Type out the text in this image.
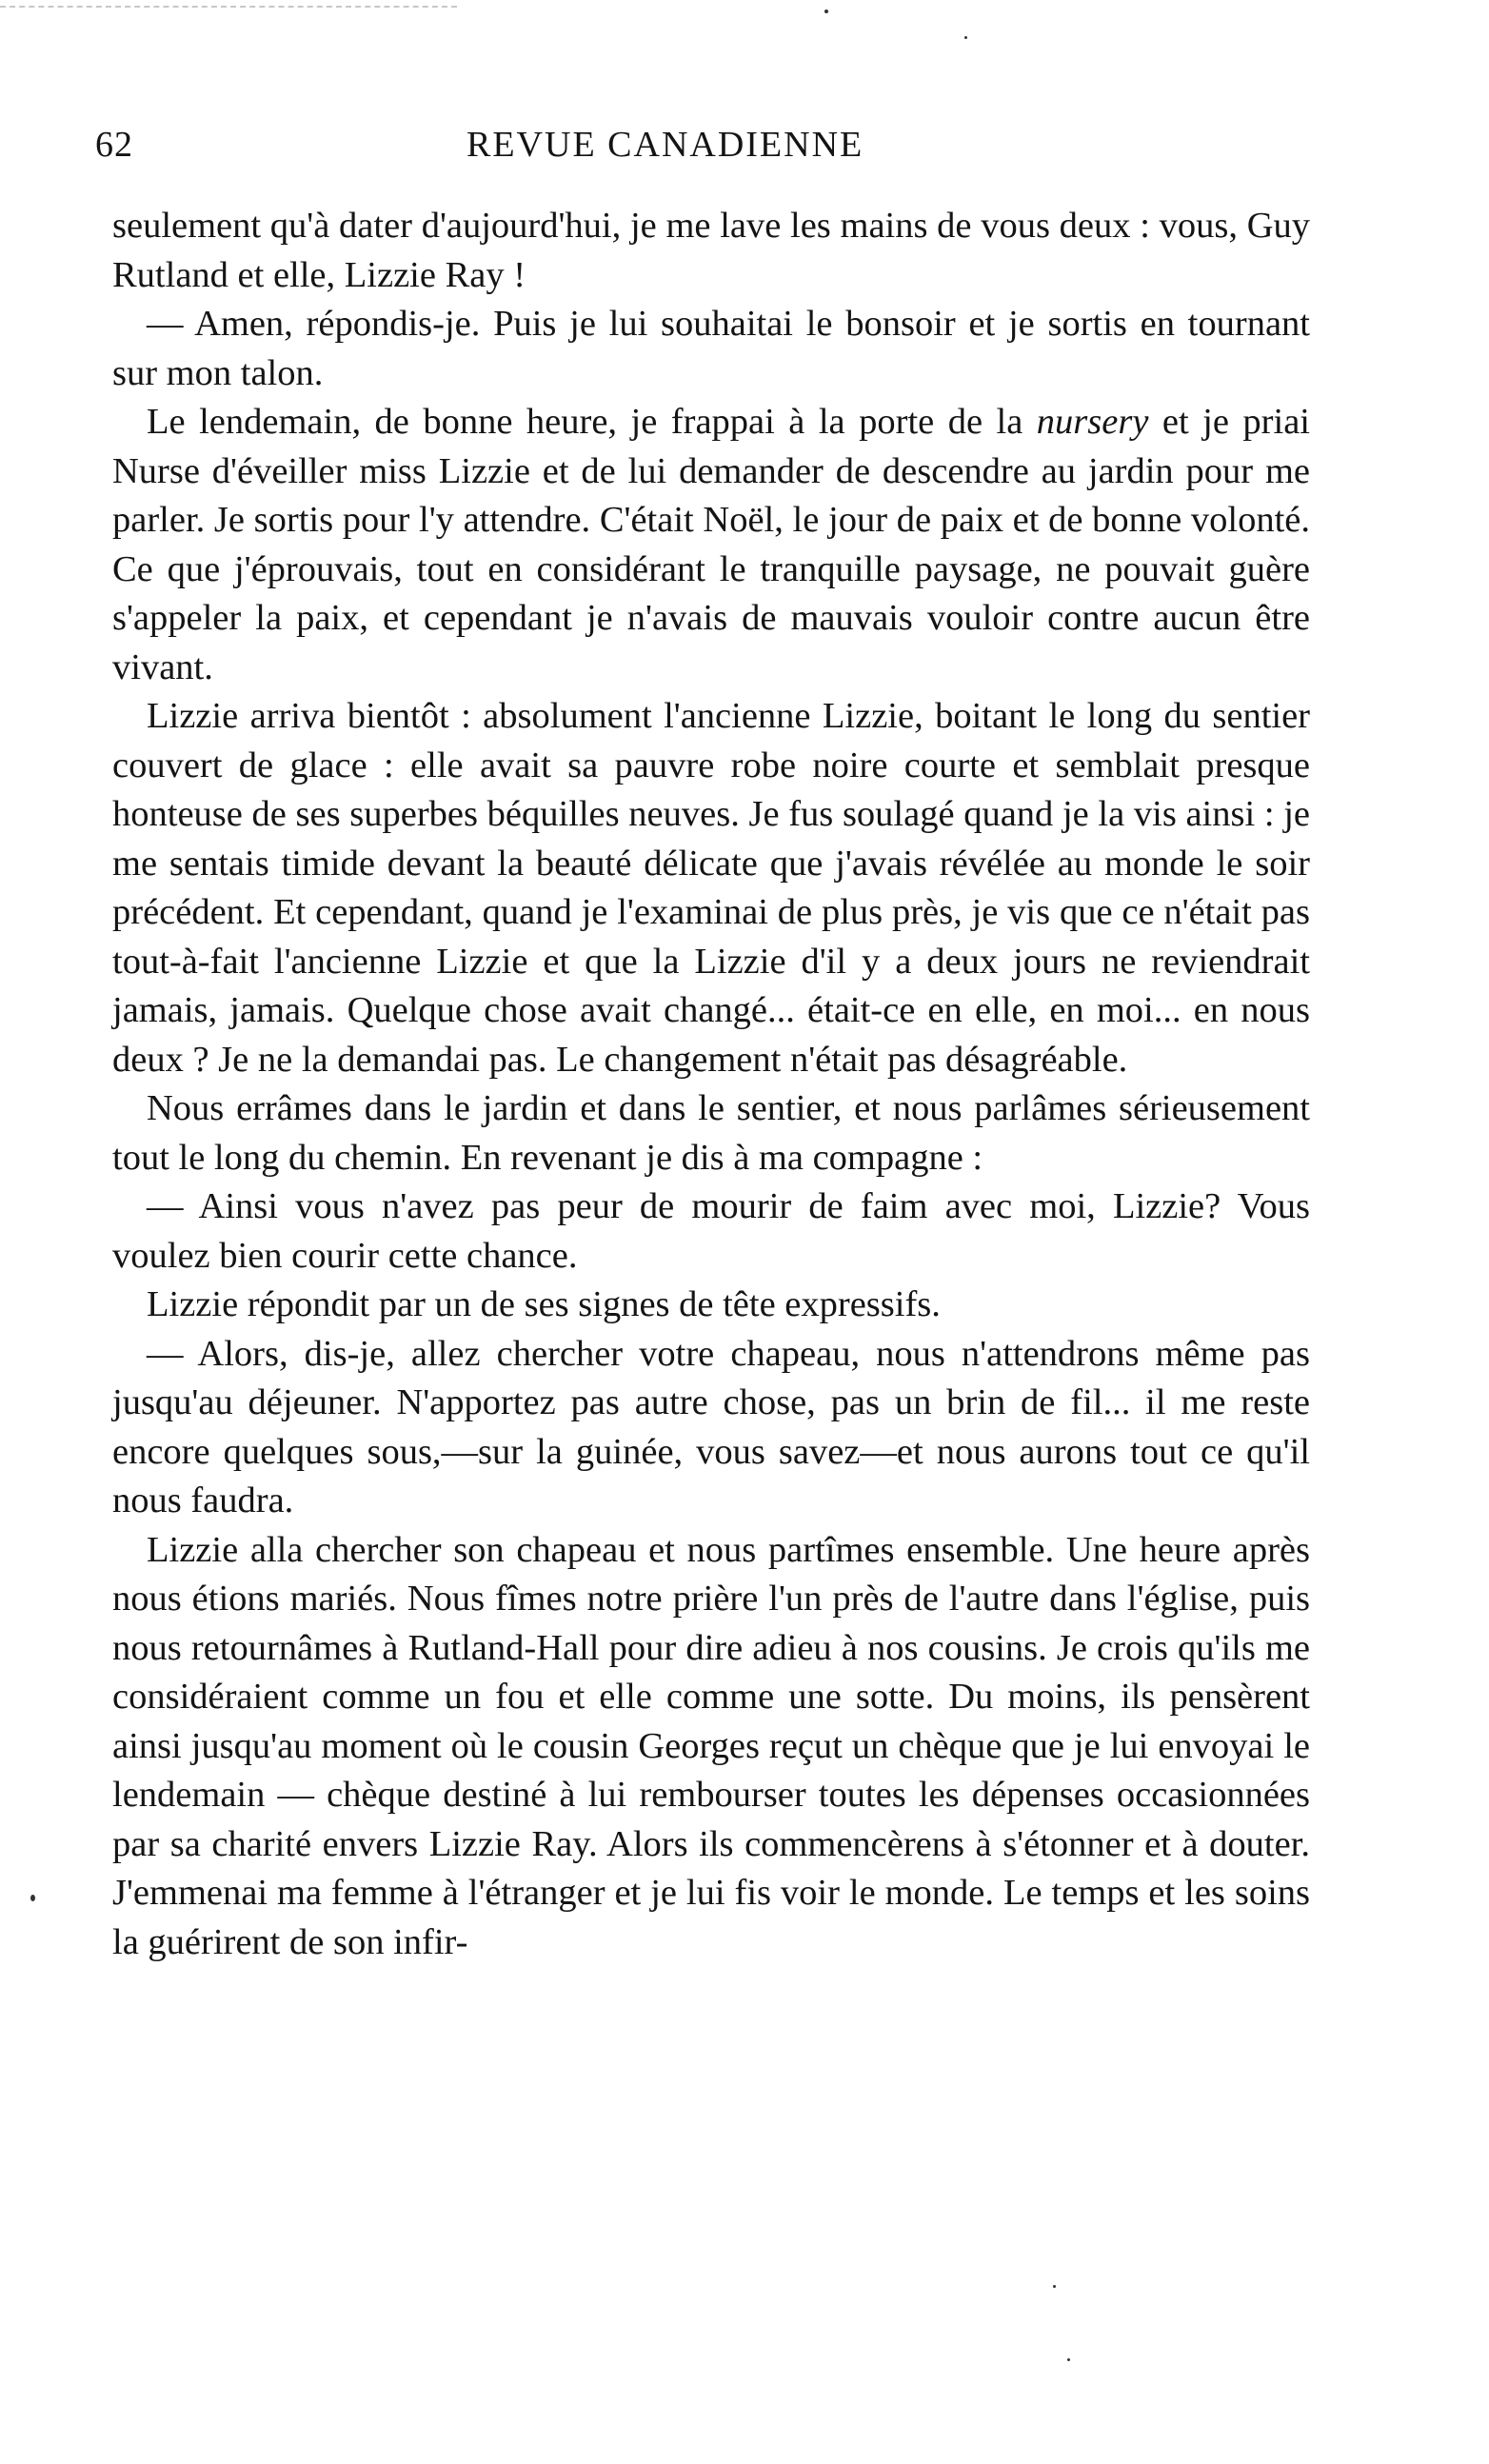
62	REVUE CANADIENNE

seulement qu'à dater d'aujourd'hui, je me lave les mains de vous deux : vous, Guy Rutland et elle, Lizzie Ray !

— Amen, répondis-je. Puis je lui souhaitai le bonsoir et je sortis en tournant sur mon talon.

Le lendemain, de bonne heure, je frappai à la porte de la nursery et je priai Nurse d'éveiller miss Lizzie et de lui demander de descendre au jardin pour me parler. Je sortis pour l'y attendre. C'était Noël, le jour de paix et de bonne volonté. Ce que j'éprouvais, tout en considérant le tranquille paysage, ne pouvait guère s'appeler la paix, et cependant je n'avais de mauvais vouloir contre aucun être vivant.

Lizzie arriva bientôt : absolument l'ancienne Lizzie, boitant le long du sentier couvert de glace : elle avait sa pauvre robe noire courte et semblait presque honteuse de ses superbes béquilles neuves. Je fus soulagé quand je la vis ainsi : je me sentais timide devant la beauté délicate que j'avais révélée au monde le soir précédent. Et cependant, quand je l'examinai de plus près, je vis que ce n'était pas tout-à-fait l'ancienne Lizzie et que la Lizzie d'il y a deux jours ne reviendrait jamais, jamais. Quelque chose avait changé... était-ce en elle, en moi... en nous deux ? Je ne la demandai pas. Le changement n'était pas désagréable.

Nous errâmes dans le jardin et dans le sentier, et nous parlâmes sérieusement tout le long du chemin. En revenant je dis à ma compagne :

— Ainsi vous n'avez pas peur de mourir de faim avec moi, Lizzie? Vous voulez bien courir cette chance.

Lizzie répondit par un de ses signes de tête expressifs.

— Alors, dis-je, allez chercher votre chapeau, nous n'attendrons même pas jusqu'au déjeuner. N'apportez pas autre chose, pas un brin de fil... il me reste encore quelques sous,—sur la guinée, vous savez—et nous aurons tout ce qu'il nous faudra.

Lizzie alla chercher son chapeau et nous partîmes ensemble. Une heure après nous étions mariés. Nous fîmes notre prière l'un près de l'autre dans l'église, puis nous retournâmes à Rutland-Hall pour dire adieu à nos cousins. Je crois qu'ils me considéraient comme un fou et elle comme une sotte. Du moins, ils pensèrent ainsi jusqu'au moment où le cousin Georges reçut un chèque que je lui envoyai le lendemain — chèque destiné à lui rembourser toutes les dépenses occasionnées par sa charité envers Lizzie Ray. Alors ils commencèrens à s'étonner et à douter. J'emmenai ma femme à l'étranger et je lui fis voir le monde. Le temps et les soins la guérirent de son infir-
